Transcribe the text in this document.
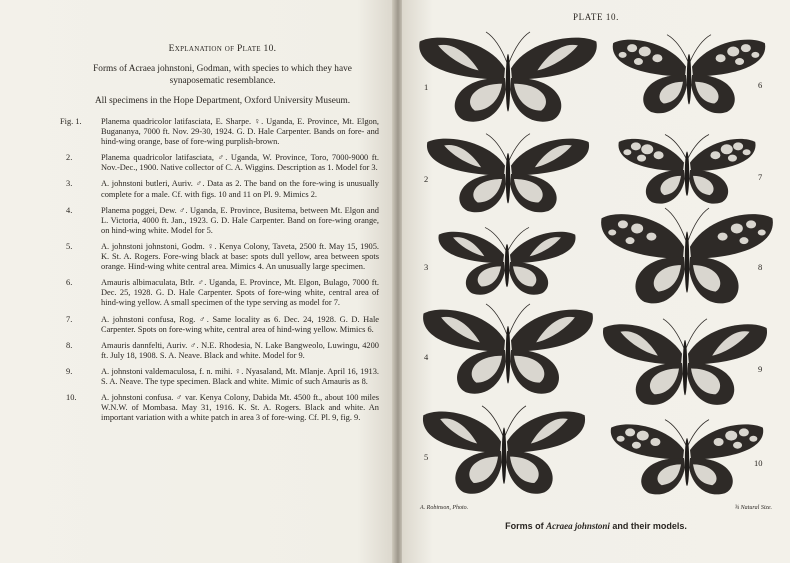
Explanation of Plate 10.
Forms of Acraea johnstoni, Godman, with species to which they have
synaposematic resemblance.
All specimens in the Hope Department, Oxford University Museum.
Fig. 1.	Planema quadricolor latifasciata, E. Sharpe. ♀. Uganda, E. Province, Mt. Elgon, Bugananya, 7000 ft. Nov. 29-30, 1924. G. D. Hale Carpenter. Bands on fore- and hind-wing orange, base of fore-wing purplish-brown.
2.	Planema quadricolor latifasciata, ♂. Uganda, W. Province, Toro, 7000-9000 ft. Nov.-Dec., 1900. Native collector of C. A. Wiggins. Description as 1. Model for 3.
3.	A. johnstoni butleri, Auriv. ♂. Data as 2. The band on the fore-wing is unusually complete for a male. Cf. with figs. 10 and 11 on Pl. 9. Mimics 2.
4.	Planema poggei, Dew. ♂. Uganda, E. Province, Busitema, between Mt. Elgon and L. Victoria, 4000 ft. Jan., 1923. G. D. Hale Carpenter. Band on fore-wing orange, on hind-wing white. Model for 5.
5.	A. johnstoni johnstoni, Godm. ♀. Kenya Colony, Taveta, 2500 ft. May 15, 1905. K. St. A. Rogers. Fore-wing black at base: spots dull yellow, area between spots orange. Hind-wing white central area. Mimics 4. An unusually large specimen.
6.	Amauris albimaculata, Btlr. ♂. Uganda, E. Province, Mt. Elgon, Bulago, 7000 ft. Dec. 25, 1928. G. D. Hale Carpenter. Spots of fore-wing white, central area of hind-wing yellow. A small specimen of the type serving as model for 7.
7.	A. johnstoni confusa, Rog. ♂. Same locality as 6. Dec. 24, 1928. G. D. Hale Carpenter. Spots on fore-wing white, central area of hind-wing yellow. Mimics 6.
8.	Amauris dannfelti, Auriv. ♂. N.E. Rhodesia, N. Lake Bangweolo, Luwingu, 4200 ft. July 18, 1908. S. A. Neave. Black and white. Model for 9.
9.	A. johnstoni valdemaculosa, f. n. mihi. ♀. Nyasaland, Mt. Mlanje. April 16, 1913. S. A. Neave. The type specimen. Black and white. Mimic of such Amauris as 8.
10.	A. johnstoni confusa. ♂ var. Kenya Colony, Dabida Mt. 4500 ft., about 100 miles W.N.W. of Mombasa. May 31, 1916. K. St. A. Rogers. Black and white. An important variation with a white patch in area 3 of fore-wing. Cf. Pl. 9, fig. 9.
PLATE 10.
1
2
3
4
5
6
7
8
9
10
A. Robinson, Photo.	¾ Natural Size.
Forms of Acraea johnstoni and their models.
